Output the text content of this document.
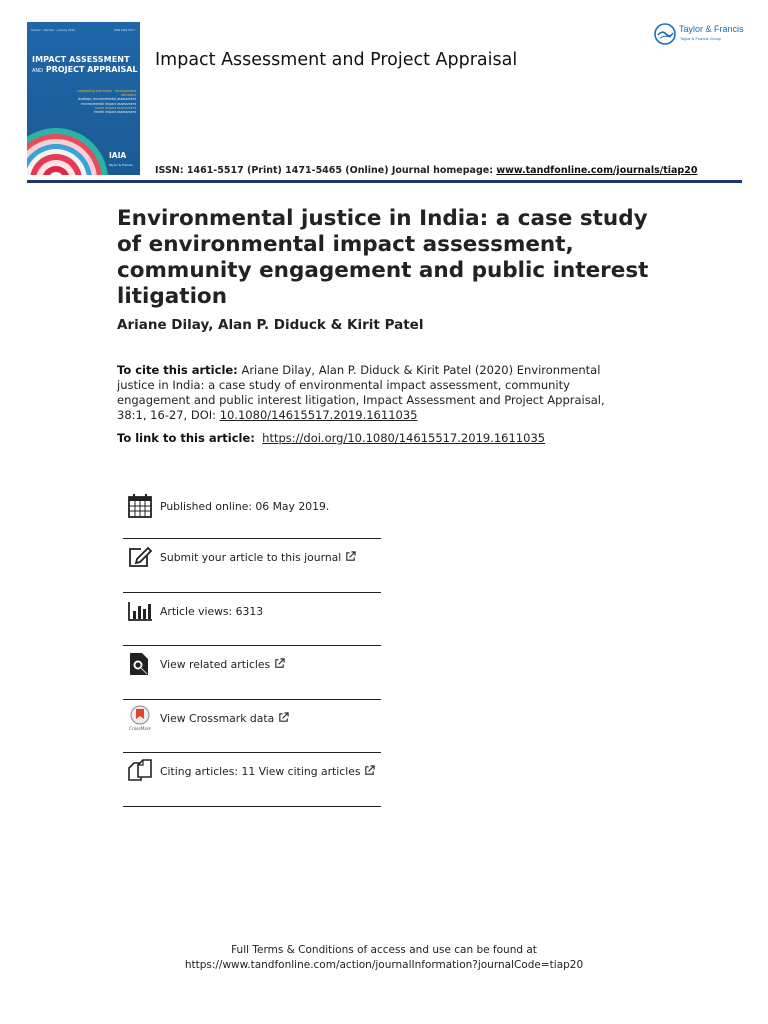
Volume • Number • January 2019	ISSN 1461-5517
IMPACT ASSESSMENT
AND PROJECT APPRAISAL
integrating processes · development decisions
strategic environmental assessment
environmental impact assessment
social impact assessment
health impact assessment
IAIA
Taylor & Francis
Impact Assessment and Project Appraisal
Taylor & Francis
Taylor & Francis Group
ISSN: 1461-5517 (Print) 1471-5465 (Online) Journal homepage: www.tandfonline.com/journals/tiap20
Environmental justice in India: a case study of environmental impact assessment, community engagement and public interest litigation
Ariane Dilay, Alan P. Diduck & Kirit Patel
To cite this article: Ariane Dilay, Alan P. Diduck & Kirit Patel (2020) Environmental justice in India: a case study of environmental impact assessment, community engagement and public interest litigation, Impact Assessment and Project Appraisal, 38:1, 16-27, DOI: 10.1080/14615517.2019.1611035
To link to this article: https://doi.org/10.1080/14615517.2019.1611035
Published online: 06 May 2019.
Submit your article to this journal
Article views: 6313
View related articles
CrossMark
View Crossmark data
Citing articles: 11 View citing articles
Full Terms & Conditions of access and use can be found at
https://www.tandfonline.com/action/journalInformation?journalCode=tiap20
